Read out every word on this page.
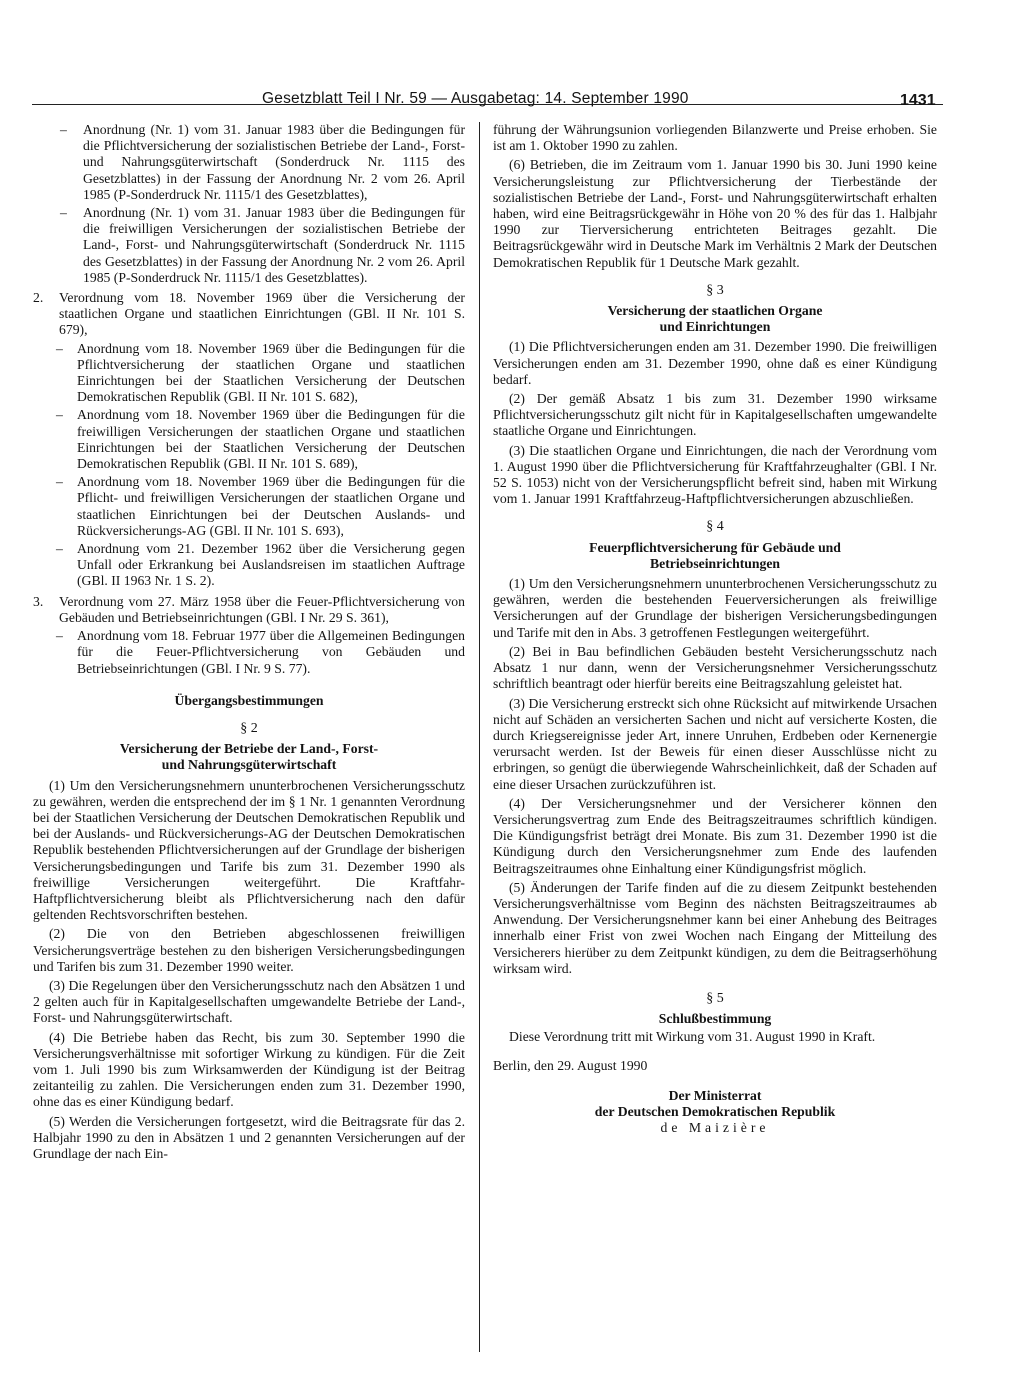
Gesetzblatt Teil I Nr. 59 — Ausgabetag: 14. September 1990	1431

– Anordnung (Nr. 1) vom 31. Januar 1983 über die Bedingungen für die Pflichtversicherung der sozialistischen Betriebe der Land-, Forst- und Nahrungsgüterwirtschaft (Sonderdruck Nr. 1115 des Gesetzblattes) in der Fassung der Anordnung Nr. 2 vom 26. April 1985 (P-Sonderdruck Nr. 1115/1 des Gesetzblattes),

– Anordnung (Nr. 1) vom 31. Januar 1983 über die Bedingungen für die freiwilligen Versicherungen der sozialistischen Betriebe der Land-, Forst- und Nahrungsgüterwirtschaft (Sonderdruck Nr. 1115 des Gesetzblattes) in der Fassung der Anordnung Nr. 2 vom 26. April 1985 (P-Sonderdruck Nr. 1115/1 des Gesetzblattes).

2. Verordnung vom 18. November 1969 über die Versicherung der staatlichen Organe und staatlichen Einrichtungen (GBl. II Nr. 101 S. 679),

– Anordnung vom 18. November 1969 über die Bedingungen für die Pflichtversicherung der staatlichen Organe und staatlichen Einrichtungen bei der Staatlichen Versicherung der Deutschen Demokratischen Republik (GBl. II Nr. 101 S. 682),

– Anordnung vom 18. November 1969 über die Bedingungen für die freiwilligen Versicherungen der staatlichen Organe und staatlichen Einrichtungen bei der Staatlichen Versicherung der Deutschen Demokratischen Republik (GBl. II Nr. 101 S. 689),

– Anordnung vom 18. November 1969 über die Bedingungen für die Pflicht- und freiwilligen Versicherungen der staatlichen Organe und staatlichen Einrichtungen bei der Deutschen Auslands- und Rückversicherungs-AG (GBl. II Nr. 101 S. 693),

– Anordnung vom 21. Dezember 1962 über die Versicherung gegen Unfall oder Erkrankung bei Auslandsreisen im staatlichen Auftrage (GBl. II 1963 Nr. 1 S. 2).

3. Verordnung vom 27. März 1958 über die Feuer-Pflichtversicherung von Gebäuden und Betriebseinrichtungen (GBl. I Nr. 29 S. 361),

– Anordnung vom 18. Februar 1977 über die Allgemeinen Bedingungen für die Feuer-Pflichtversicherung von Gebäuden und Betriebseinrichtungen (GBl. I Nr. 9 S. 77).

Übergangsbestimmungen

§ 2

Versicherung der Betriebe der Land-, Forst-

und Nahrungsgüterwirtschaft

(1) Um den Versicherungsnehmern ununterbrochenen Versicherungsschutz zu gewähren, werden die entsprechend der im § 1 Nr. 1 genannten Verordnung bei der Staatlichen Versicherung der Deutschen Demokratischen Republik und bei der Auslands- und Rückversicherungs-AG der Deutschen Demokratischen Republik bestehenden Pflichtversicherungen auf der Grundlage der bisherigen Versicherungsbedingungen und Tarife bis zum 31. Dezember 1990 als freiwillige Versicherungen weitergeführt. Die Kraftfahr-Haftpflichtversicherung bleibt als Pflichtversicherung nach den dafür geltenden Rechtsvorschriften bestehen.

(2) Die von den Betrieben abgeschlossenen freiwilligen Versicherungsverträge bestehen zu den bisherigen Versicherungsbedingungen und Tarifen bis zum 31. Dezember 1990 weiter.

(3) Die Regelungen über den Versicherungsschutz nach den Absätzen 1 und 2 gelten auch für in Kapitalgesellschaften umgewandelte Betriebe der Land-, Forst- und Nahrungsgüterwirtschaft.

(4) Die Betriebe haben das Recht, bis zum 30. September 1990 die Versicherungsverhältnisse mit sofortiger Wirkung zu kündigen. Für die Zeit vom 1. Juli 1990 bis zum Wirksamwerden der Kündigung ist der Beitrag zeitanteilig zu zahlen. Die Versicherungen enden zum 31. Dezember 1990, ohne das es einer Kündigung bedarf.

(5) Werden die Versicherungen fortgesetzt, wird die Beitragsrate für das 2. Halbjahr 1990 zu den in Absätzen 1 und 2 genannten Versicherungen auf der Grundlage der nach Ein-

führung der Währungsunion vorliegenden Bilanzwerte und Preise erhoben. Sie ist am 1. Oktober 1990 zu zahlen.

(6) Betrieben, die im Zeitraum vom 1. Januar 1990 bis 30. Juni 1990 keine Versicherungsleistung zur Pflichtversicherung der Tierbestände der sozialistischen Betriebe der Land-, Forst- und Nahrungsgüterwirtschaft erhalten haben, wird eine Beitragsrückgewähr in Höhe von 20 % des für das 1. Halbjahr 1990 zur Tierversicherung entrichteten Beitrages gezahlt. Die Beitragsrückgewähr wird in Deutsche Mark im Verhältnis 2 Mark der Deutschen Demokratischen Republik für 1 Deutsche Mark gezahlt.

§ 3

Versicherung der staatlichen Organe

und Einrichtungen

(1) Die Pflichtversicherungen enden am 31. Dezember 1990. Die freiwilligen Versicherungen enden am 31. Dezember 1990, ohne daß es einer Kündigung bedarf.

(2) Der gemäß Absatz 1 bis zum 31. Dezember 1990 wirksame Pflichtversicherungsschutz gilt nicht für in Kapitalgesellschaften umgewandelte staatliche Organe und Einrichtungen.

(3) Die staatlichen Organe und Einrichtungen, die nach der Verordnung vom 1. August 1990 über die Pflichtversicherung für Kraftfahrzeughalter (GBl. I Nr. 52 S. 1053) nicht von der Versicherungspflicht befreit sind, haben mit Wirkung vom 1. Januar 1991 Kraftfahrzeug-Haftpflichtversicherungen abzuschließen.

§ 4

Feuerpflichtversicherung für Gebäude und

Betriebseinrichtungen

(1) Um den Versicherungsnehmern ununterbrochenen Versicherungsschutz zu gewähren, werden die bestehenden Feuerversicherungen als freiwillige Versicherungen auf der Grundlage der bisherigen Versicherungsbedingungen und Tarife mit den in Abs. 3 getroffenen Festlegungen weitergeführt.

(2) Bei in Bau befindlichen Gebäuden besteht Versicherungsschutz nach Absatz 1 nur dann, wenn der Versicherungsnehmer Versicherungsschutz schriftlich beantragt oder hierfür bereits eine Beitragszahlung geleistet hat.

(3) Die Versicherung erstreckt sich ohne Rücksicht auf mitwirkende Ursachen nicht auf Schäden an versicherten Sachen und nicht auf versicherte Kosten, die durch Kriegsereignisse jeder Art, innere Unruhen, Erdbeben oder Kernenergie verursacht werden. Ist der Beweis für einen dieser Ausschlüsse nicht zu erbringen, so genügt die überwiegende Wahrscheinlichkeit, daß der Schaden auf eine dieser Ursachen zurückzuführen ist.

(4) Der Versicherungsnehmer und der Versicherer können den Versicherungsvertrag zum Ende des Beitragszeitraumes schriftlich kündigen. Die Kündigungsfrist beträgt drei Monate. Bis zum 31. Dezember 1990 ist die Kündigung durch den Versicherungsnehmer zum Ende des laufenden Beitragszeitraumes ohne Einhaltung einer Kündigungsfrist möglich.

(5) Änderungen der Tarife finden auf die zu diesem Zeitpunkt bestehenden Versicherungsverhältnisse vom Beginn des nächsten Beitragszeitraumes ab Anwendung. Der Versicherungsnehmer kann bei einer Anhebung des Beitrages innerhalb einer Frist von zwei Wochen nach Eingang der Mitteilung des Versicherers hierüber zu dem Zeitpunkt kündigen, zu dem die Beitragserhöhung wirksam wird.

§ 5

Schlußbestimmung

Diese Verordnung tritt mit Wirkung vom 31. August 1990 in Kraft.

Berlin, den 29. August 1990

Der Ministerrat

der Deutschen Demokratischen Republik

de Maizière
